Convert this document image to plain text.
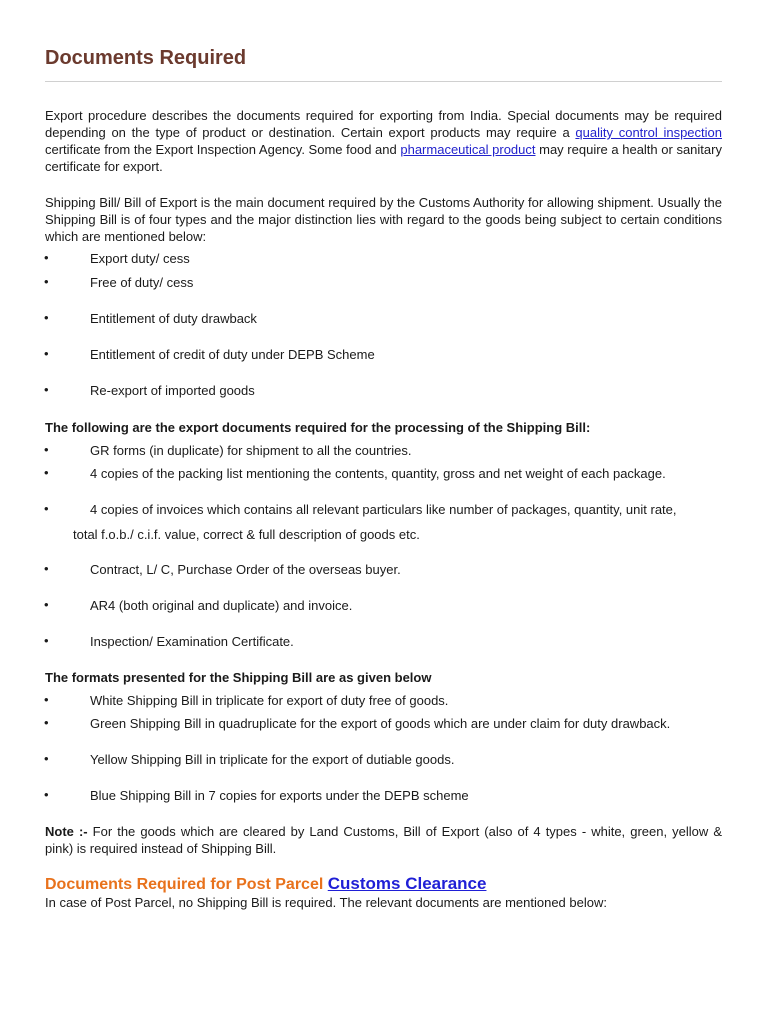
Documents Required

Export procedure describes the documents required for exporting from India. Special documents may be required depending on the type of product or destination. Certain export products may require a quality control inspection certificate from the Export Inspection Agency. Some food and pharmaceutical product may require a health or sanitary certificate for export.

Shipping Bill/ Bill of Export is the main document required by the Customs Authority for allowing shipment. Usually the Shipping Bill is of four types and the major distinction lies with regard to the goods being subject to certain conditions which are mentioned below:

•	Export duty/ cess
•	Free of duty/ cess
•	Entitlement of duty drawback
•	Entitlement of credit of duty under DEPB Scheme
•	Re-export of imported goods
The following are the export documents required for the processing of the Shipping Bill:
•	GR forms (in duplicate) for shipment to all the countries.
•	4 copies of the packing list mentioning the contents, quantity, gross and net weight of each package.
•	4 copies of invoices which contains all relevant particulars like number of packages, quantity, unit rate,
total f.o.b./ c.i.f. value, correct & full description of goods etc.
•	Contract, L/ C, Purchase Order of the overseas buyer.
•	AR4 (both original and duplicate) and invoice.
•	Inspection/ Examination Certificate.
The formats presented for the Shipping Bill are as given below
•	White Shipping Bill in triplicate for export of duty free of goods.
•	Green Shipping Bill in quadruplicate for the export of goods which are under claim for duty drawback.
•	Yellow Shipping Bill in triplicate for the export of dutiable goods.
•	Blue Shipping Bill in 7 copies for exports under the DEPB scheme

Note :- For the goods which are cleared by Land Customs, Bill of Export (also of 4 types - white, green, yellow & pink) is required instead of Shipping Bill.

Documents Required for Post Parcel Customs Clearance

In case of Post Parcel, no Shipping Bill is required. The relevant documents are mentioned below:
